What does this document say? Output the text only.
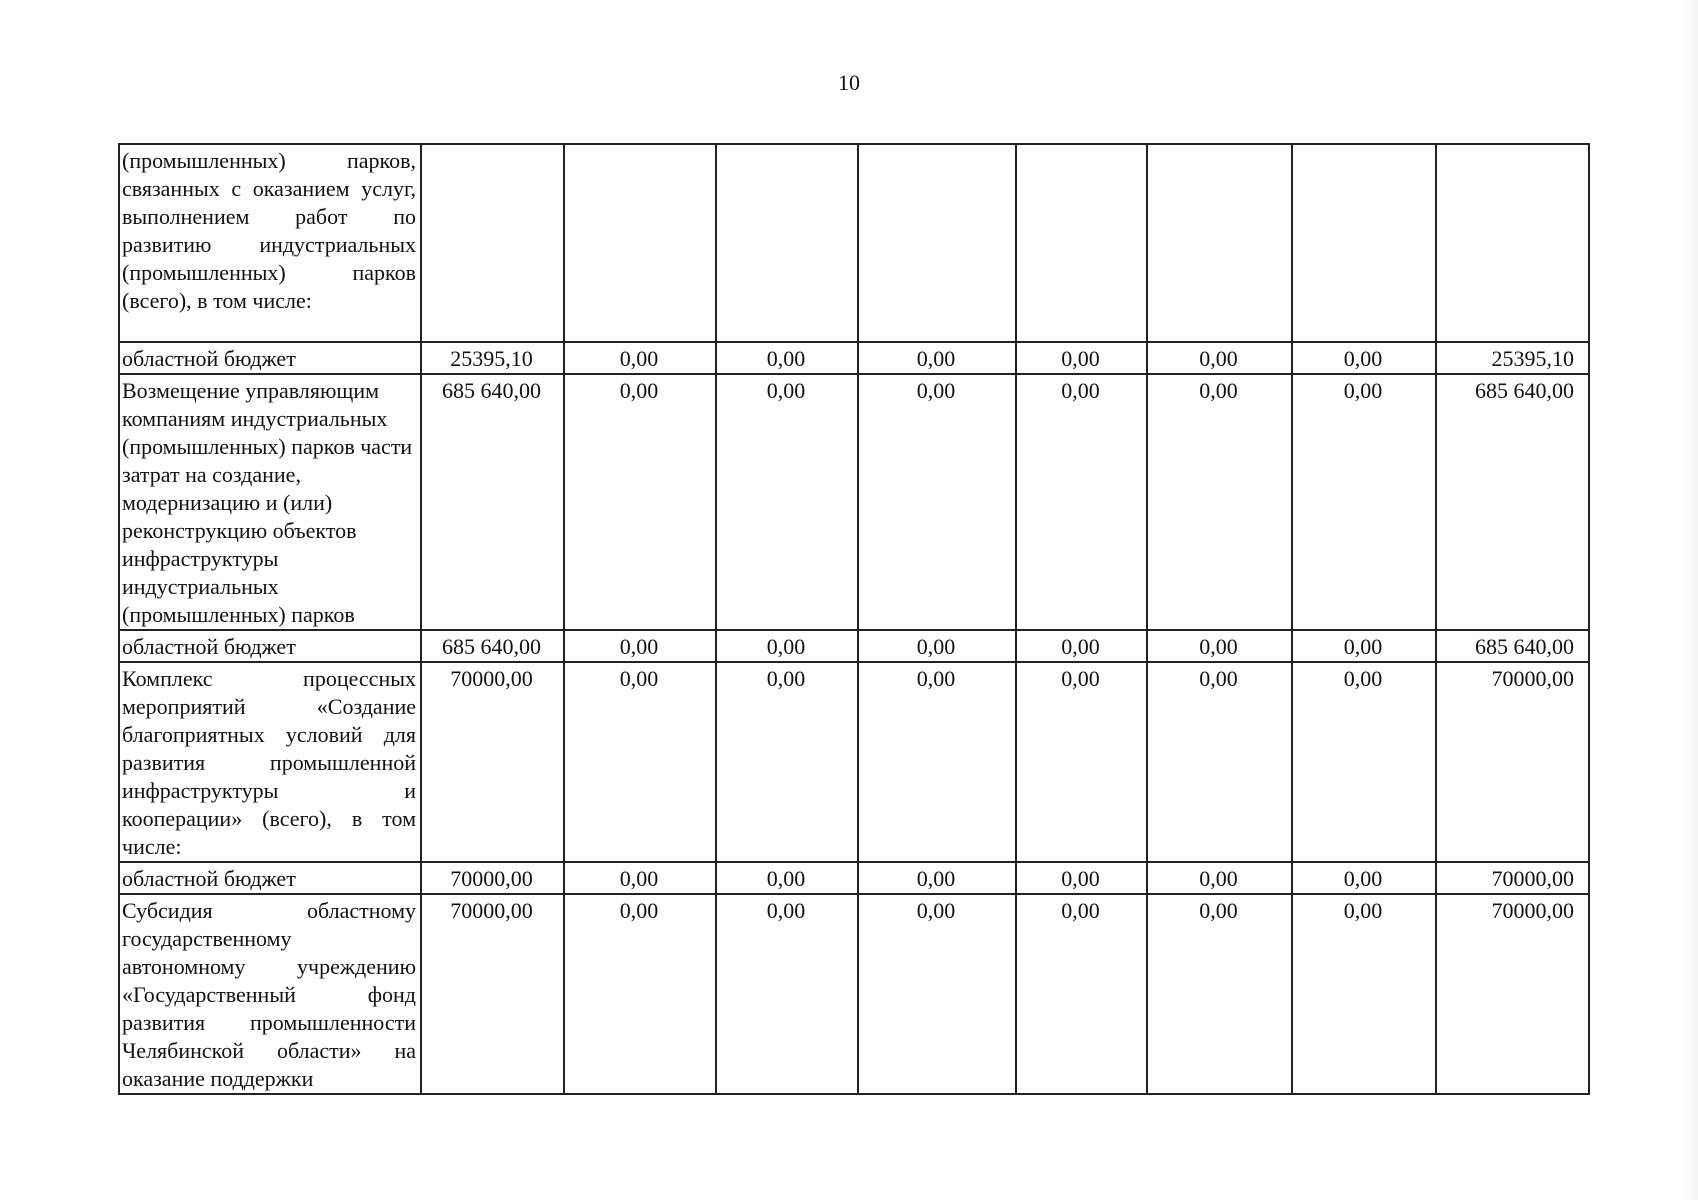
10
(промышленных) парков, связанных с оказанием услуг, выполнением работ по развитию индустриальных (промышленных) парков (всего), в том числе:								
областной бюджет	25395,10	0,00	0,00	0,00	0,00	0,00	0,00	25395,10
Возмещение управляющим компаниям индустриальных (промышленных) парков части затрат на создание, модернизацию и (или) реконструкцию объектов инфраструктуры индустриальных (промышленных) парков	685 640,00	0,00	0,00	0,00	0,00	0,00	0,00	685 640,00
областной бюджет	685 640,00	0,00	0,00	0,00	0,00	0,00	0,00	685 640,00
Комплекс процессных мероприятий «Создание благоприятных условий для развития промышленной инфраструктуры и кооперации» (всего), в том числе:	70000,00	0,00	0,00	0,00	0,00	0,00	0,00	70000,00
областной бюджет	70000,00	0,00	0,00	0,00	0,00	0,00	0,00	70000,00
Субсидия областному государственному автономному учреждению «Государственный фонд развития промышленности Челябинской области» на оказание поддержки	70000,00	0,00	0,00	0,00	0,00	0,00	0,00	70000,00
